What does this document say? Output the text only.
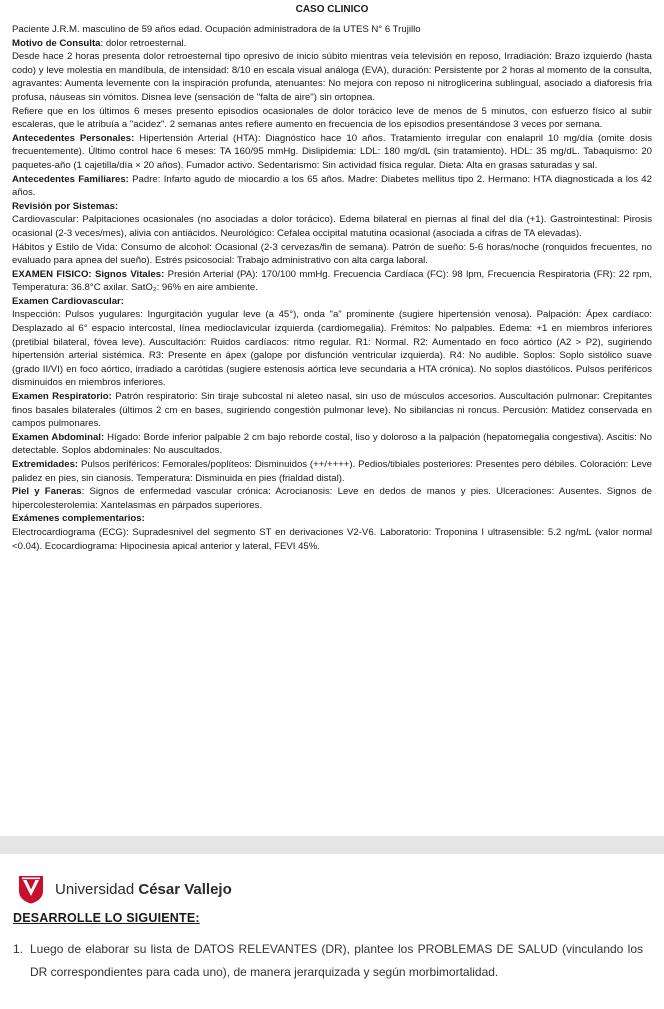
CASO CLINICO

Paciente J.R.M. masculino de 59 años edad. Ocupación administradora de la UTES N° 6 Trujillo

Motivo de Consulta: dolor retroesternal.

Desde hace 2 horas presenta dolor retroesternal tipo opresivo de inicio súbito mientras veía televisión en reposo, Irradiación: Brazo izquierdo (hasta codo) y leve molestia en mandíbula, de intensidad: 8/10 en escala visual análoga (EVA), duración: Persistente por 2 horas al momento de la consulta, agravantes: Aumenta levemente con la inspiración profunda, atenuantes: No mejora con reposo ni nitroglicerina sublingual, asociado a diaforesis fría profusa, náuseas sin vómitos. Disnea leve (sensación de "falta de aire") sin ortopnea.

Refiere que en los últimos 6 meses presento episodios ocasionales de dolor torácico leve de menos de 5 minutos, con esfuerzo físico al subir escaleras, que le atribuía a "acidez". 2 semanas antes refiere aumento en frecuencia de los episodios presentándose 3 veces por semana.

Antecedentes Personales: Hipertensión Arterial (HTA): Diagnóstico hace 10 años. Tratamiento irregular con enalapril 10 mg/día (omite dosis frecuentemente). Último control hace 6 meses: TA 160/95 mmHg. Dislipidemia: LDL: 180 mg/dL (sin tratamiento). HDL: 35 mg/dL. Tabaquismo: 20 paquetes-año (1 cajetilla/día × 20 años). Fumador activo. Sedentarismo: Sin actividad física regular. Dieta: Alta en grasas saturadas y sal.

Antecedentes Familiares: Padre: Infarto agudo de miocardio a los 65 años. Madre: Diabetes mellitus tipo 2. Hermano: HTA diagnosticada a los 42 años.

Revisión por Sistemas:

Cardiovascular: Palpitaciones ocasionales (no asociadas a dolor torácico). Edema bilateral en piernas al final del día (+1). Gastrointestinal: Pirosis ocasional (2-3 veces/mes), alivia con antiácidos. Neurológico: Cefalea occipital matutina ocasional (asociada a cifras de TA elevadas).

Hábitos y Estilo de Vida: Consumo de alcohol: Ocasional (2-3 cervezas/fin de semana). Patrón de sueño: 5-6 horas/noche (ronquidos frecuentes, no evaluado para apnea del sueño). Estrés psicosocial: Trabajo administrativo con alta carga laboral.

EXAMEN FISICO: Signos Vitales: Presión Arterial (PA): 170/100 mmHg. Frecuencia Cardíaca (FC): 98 lpm, Frecuencia Respiratoria (FR): 22 rpm, Temperatura: 36.8°C axilar. SatO₂: 96% en aire ambiente.

Examen Cardiovascular:

Inspección: Pulsos yugulares: Ingurgitación yugular leve (a 45°), onda "a" prominente (sugiere hipertensión venosa). Palpación: Ápex cardíaco: Desplazado al 6° espacio intercostal, línea medioclavicular izquierda (cardiomegalia). Frémitos: No palpables. Edema: +1 en miembros inferiores (pretibial bilateral, fóvea leve). Auscultación: Ruidos cardíacos: ritmo regular. R1: Normal. R2: Aumentado en foco aórtico (A2 > P2), sugiriendo hipertensión arterial sistémica. R3: Presente en ápex (galope por disfunción ventricular izquierda). R4: No audible. Soplos: Soplo sistólico suave (grado II/VI) en foco aórtico, irradiado a carótidas (sugiere estenosis aórtica leve secundaria a HTA crónica). No soplos diastólicos. Pulsos periféricos disminuidos en miembros inferiores.

Examen Respiratorio: Patrón respiratorio: Sin tiraje subcostal ni aleteo nasal, sin uso de músculos accesorios. Auscultación pulmonar: Crepitantes finos basales bilaterales (últimos 2 cm en bases, sugiriendo congestión pulmonar leve). No sibilancias ni roncus. Percusión: Matidez conservada en campos pulmonares.

Examen Abdominal: Hígado: Borde inferior palpable 2 cm bajo reborde costal, liso y doloroso a la palpación (hepatomegalia congestiva). Ascitis: No detectable. Soplos abdominales: No auscultados.

Extremidades: Pulsos periféricos: Femorales/poplíteos: Disminuidos (++/++++). Pedios/tibiales posteriores: Presentes pero débiles. Coloración: Leve palidez en pies, sin cianosis. Temperatura: Disminuida en pies (frialdad distal).

Piel y Faneras: Signos de enfermedad vascular crónica: Acrocianosis: Leve en dedos de manos y pies. Ulceraciones: Ausentes. Signos de hipercolesterolemia: Xantelasmas en párpados superiores.

Exámenes complementarios:

Electrocardiograma (ECG): Supradesnivel del segmento ST en derivaciones V2-V6. Laboratorio: Troponina I ultrasensible: 5.2 ng/mL (valor normal <0.04). Ecocardiograma: Hipocinesia apical anterior y lateral, FEVI 45%.

Universidad César Vallejo
DESARROLLE LO SIGUIENTE:
1. Luego de elaborar su lista de DATOS RELEVANTES (DR), plantee los PROBLEMAS DE SALUD (vinculando los DR correspondientes para cada uno), de manera jerarquizada y según morbimortalidad.
